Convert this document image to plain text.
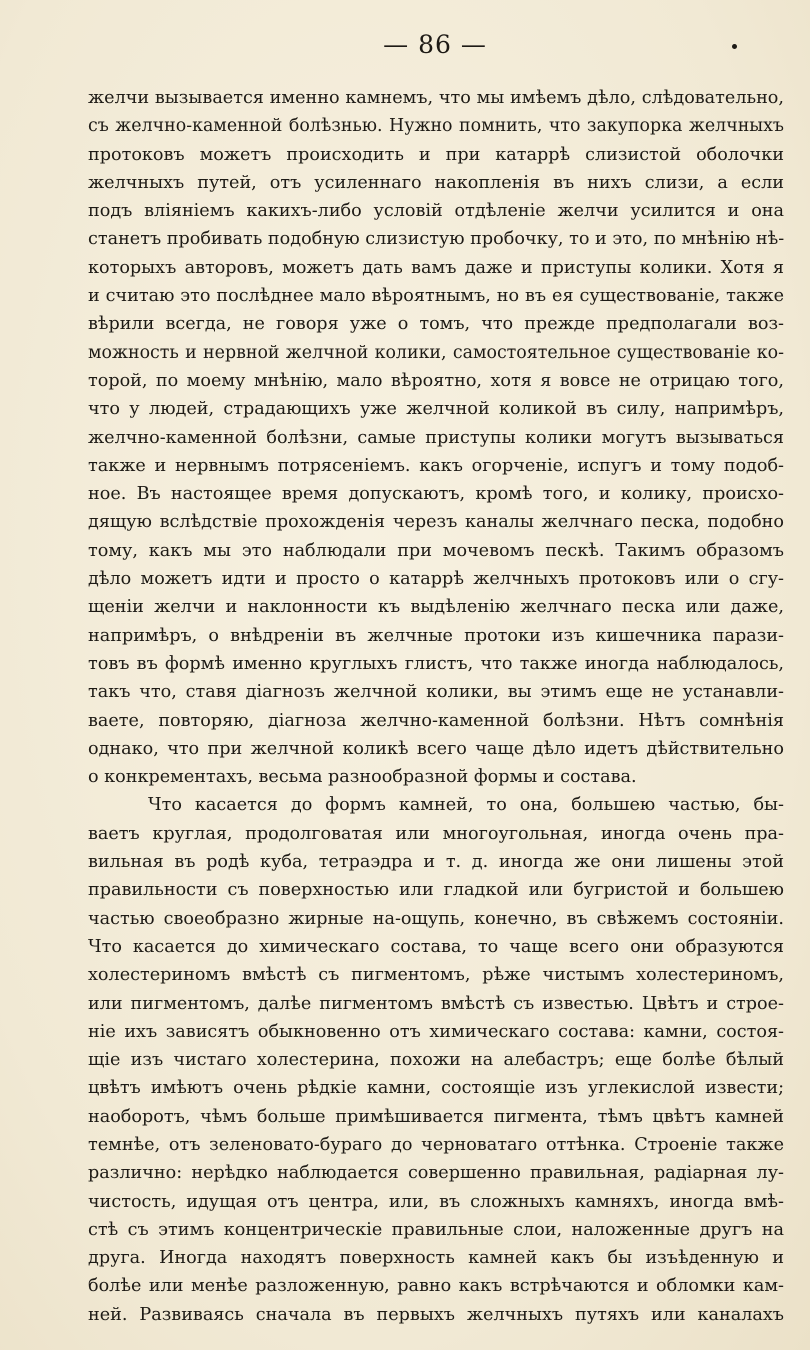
— 86 —
желчи вызывается именно камнемъ, что мы имѣемъ дѣло, слѣдовательно,
съ желчно-каменной болѣзнью. Нужно помнить, что закупорка желчныхъ
протоковъ можетъ происходить и при катаррѣ слизистой оболочки
желчныхъ путей, отъ усиленнаго накопленія въ нихъ слизи, а если
подъ вліяніемъ какихъ-либо условій отдѣленіе желчи усилится и она
станетъ пробивать подобную слизистую пробочку, то и это, по мнѣнію нѣ-
которыхъ авторовъ, можетъ дать вамъ даже и приступы колики. Хотя я
и считаю это послѣднее мало вѣроятнымъ, но въ ея существованіе, также
вѣрили всегда, не говоря уже о томъ, что прежде предполагали воз-
можность и нервной желчной колики, самостоятельное существованіе ко-
торой, по моему мнѣнію, мало вѣроятно, хотя я вовсе не отрицаю того,
что у людей, страдающихъ уже желчной коликой въ силу, напримѣръ,
желчно-каменной болѣзни, самые приступы колики могутъ вызываться
также и нервнымъ потрясеніемъ. какъ огорченіе, испугъ и тому подоб-
ное. Въ настоящее время допускаютъ, кромѣ того, и колику, происхо-
дящую вслѣдствіе прохожденія черезъ каналы желчнаго песка, подобно
тому, какъ мы это наблюдали при мочевомъ пескѣ. Такимъ образомъ
дѣло можетъ идти и просто о катаррѣ желчныхъ протоковъ или о сгу-
щеніи желчи и наклонности къ выдѣленію желчнаго песка или даже,
напримѣръ, о внѣдреніи въ желчные протоки изъ кишечника парази-
товъ въ формѣ именно круглыхъ глистъ, что также иногда наблюдалось,
такъ что, ставя діагнозъ желчной колики, вы этимъ еще не устанавли-
ваете, повторяю, діагноза желчно-каменной болѣзни. Нѣтъ сомнѣнія
однако, что при желчной коликѣ всего чаще дѣло идетъ дѣйствительно
о конкрементахъ, весьма разнообразной формы и состава.
Что касается до формъ камней, то она, большею частью, бы-
ваетъ круглая, продолговатая или многоугольная, иногда очень пра-
вильная въ родѣ куба, тетраэдра и т. д. иногда же они лишены этой
правильности съ поверхностью или гладкой или бугристой и большею
частью своеобразно жирные на-ощупь, конечно, въ свѣжемъ состояніи.
Что касается до химическаго состава, то чаще всего они образуются
холестериномъ вмѣстѣ съ пигментомъ, рѣже чистымъ холестериномъ,
или пигментомъ, далѣе пигментомъ вмѣстѣ съ известью. Цвѣтъ и строе-
ніе ихъ зависятъ обыкновенно отъ химическаго состава: камни, состоя-
щіе изъ чистаго холестерина, похожи на алебастръ; еще болѣе бѣлый
цвѣтъ имѣютъ очень рѣдкіе камни, состоящіе изъ углекислой извести;
наоборотъ, чѣмъ больше примѣшивается пигмента, тѣмъ цвѣтъ камней
темнѣе, отъ зеленовато-бураго до черноватаго оттѣнка. Строеніе также
различно: нерѣдко наблюдается совершенно правильная, радіарная лу-
чистость, идущая отъ центра, или, въ сложныхъ камняхъ, иногда вмѣ-
стѣ съ этимъ концентрическіе правильные слои, наложенные другъ на
друга. Иногда находятъ поверхность камней какъ бы изъѣденную и
болѣе или менѣе разложенную, равно какъ встрѣчаются и обломки кам-
ней. Развиваясь сначала въ первыхъ желчныхъ путяхъ или каналахъ
